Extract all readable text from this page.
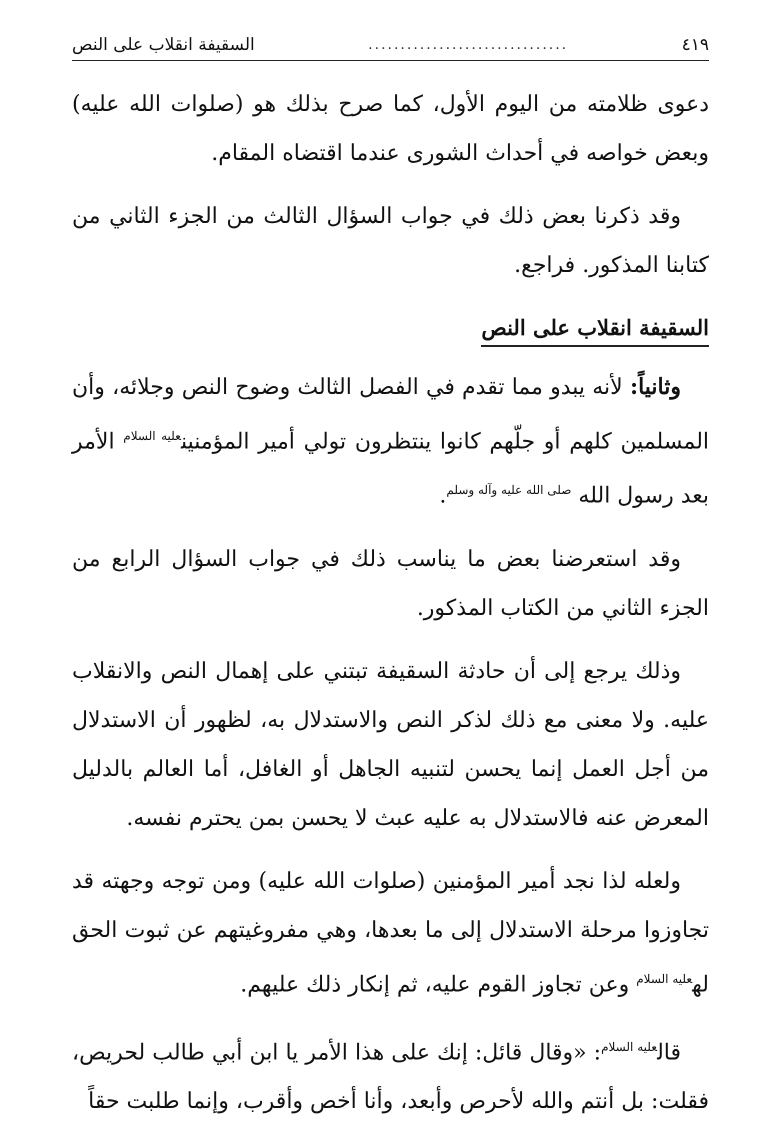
السقيفة انقلاب على النص	...............................	٤١٩

دعوى ظلامته من اليوم الأول، كما صرح بذلك هو (صلوات الله عليه) وبعض خواصه في أحداث الشورى عندما اقتضاه المقام.

وقد ذكرنا بعض ذلك في جواب السؤال الثالث من الجزء الثاني من كتابنا المذكور. فراجع.

السقيفة انقلاب على النص

وثانياً: لأنه يبدو مما تقدم في الفصل الثالث وضوح النص وجلائه، وأن المسلمين كلهم أو جلّهم كانوا ينتظرون تولي أمير المؤمنين$^{عليه السلام}$ الأمر بعد رسول الله $^{صلى الله عليه وآله وسلم}$.

وقد استعرضنا بعض ما يناسب ذلك في جواب السؤال الرابع من الجزء الثاني من الكتاب المذكور.

وذلك يرجع إلى أن حادثة السقيفة تبتني على إهمال النص والانقلاب عليه. ولا معنى مع ذلك لذكر النص والاستدلال به، لظهور أن الاستدلال من أجل العمل إنما يحسن لتنبيه الجاهل أو الغافل، أما العالم بالدليل المعرض عنه فالاستدلال به عليه عبث لا يحسن بمن يحترم نفسه.

ولعله لذا نجد أمير المؤمنين (صلوات الله عليه) ومن توجه وجهته قد تجاوزوا مرحلة الاستدلال إلى ما بعدها، وهي مفروغيتهم عن ثبوت الحق له$^{عليه السلام}$ وعن تجاوز القوم عليه، ثم إنكار ذلك عليهم.

قال$^{عليه السلام}$: «وقال قائل: إنك على هذا الأمر يا ابن أبي طالب لحريص، فقلت: بل أنتم والله لأحرص وأبعد، وأنا أخص وأقرب، وإنما طلبت حقاً
